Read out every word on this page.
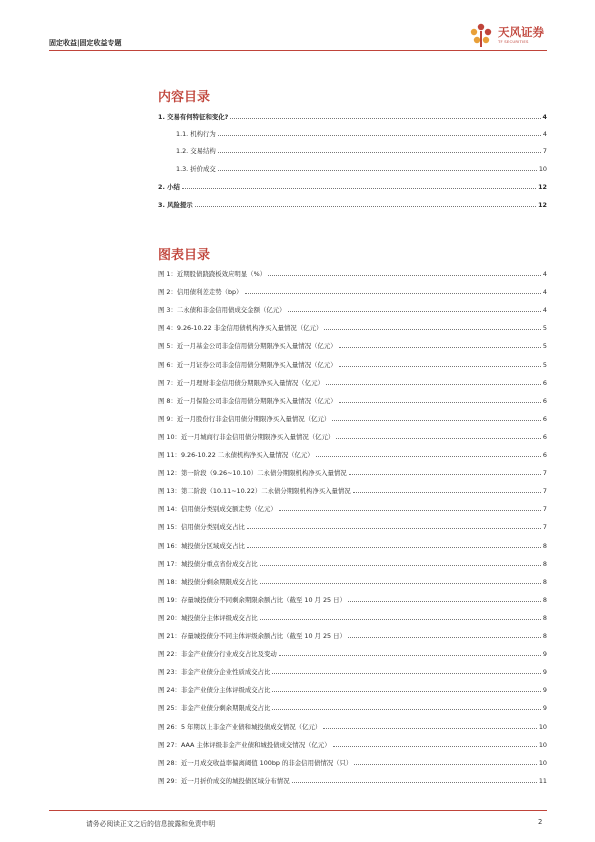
固定收益|固定收益专题
天风证券
TF SECURITIES
内容目录
1. 交易有何特征和变化?	4
1.1. 机构行为	4
1.2. 交易结构	7
1.3. 折价成交	10
2. 小结	12
3. 风险提示	12
图表目录
图 1：近期股债跷跷板效应明显（%）	4
图 2：信用债利差走势（bp）	4
图 3：二永债和非金信用债成交金额（亿元）	4
图 4：9.26-10.22 非金信用债机构净买入量情况（亿元）	5
图 5：近一月基金公司非金信用债分期限净买入量情况（亿元）	5
图 6：近一月证券公司非金信用债分期限净买入量情况（亿元）	5
图 7：近一月理财非金信用债分期限净买入量情况（亿元）	6
图 8：近一月保险公司非金信用债分期限净买入量情况（亿元）	6
图 9：近一月股份行非金信用债分期限净买入量情况（亿元）	6
图 10：近一月城商行非金信用债分期限净买入量情况（亿元）	6
图 11：9.26-10.22 二永债机构净买入量情况（亿元）	6
图 12：第一阶段（9.26~10.10）二永债分期限机构净买入量情况	7
图 13：第二阶段（10.11~10.22）二永债分期限机构净买入量情况	7
图 14：信用债分类别成交额走势（亿元）	7
图 15：信用债分类别成交占比	7
图 16：城投债分区域成交占比	8
图 17：城投债分重点省份成交占比	8
图 18：城投债分剩余期限成交占比	8
图 19：存量城投债分不同剩余期限余额占比（截至 10 月 25 日）	8
图 20：城投债分主体评级成交占比	8
图 21：存量城投债分不同主体评级余额占比（截至 10 月 25 日）	8
图 22：非金产业债分行业成交占比及变动	9
图 23：非金产业债分企业性质成交占比	9
图 24：非金产业债分主体评级成交占比	9
图 25：非金产业债分剩余期限成交占比	9
图 26：5 年期以上非金产业债和城投债成交情况（亿元）	10
图 27：AAA 主体评级非金产业债和城投债成交情况（亿元）	10
图 28：近一月成交收益率偏离阈值 100bp 的非金信用债情况（只）	10
图 29：近一月折价成交的城投债区域分布情况	11
请务必阅读正文之后的信息披露和免责申明	2
